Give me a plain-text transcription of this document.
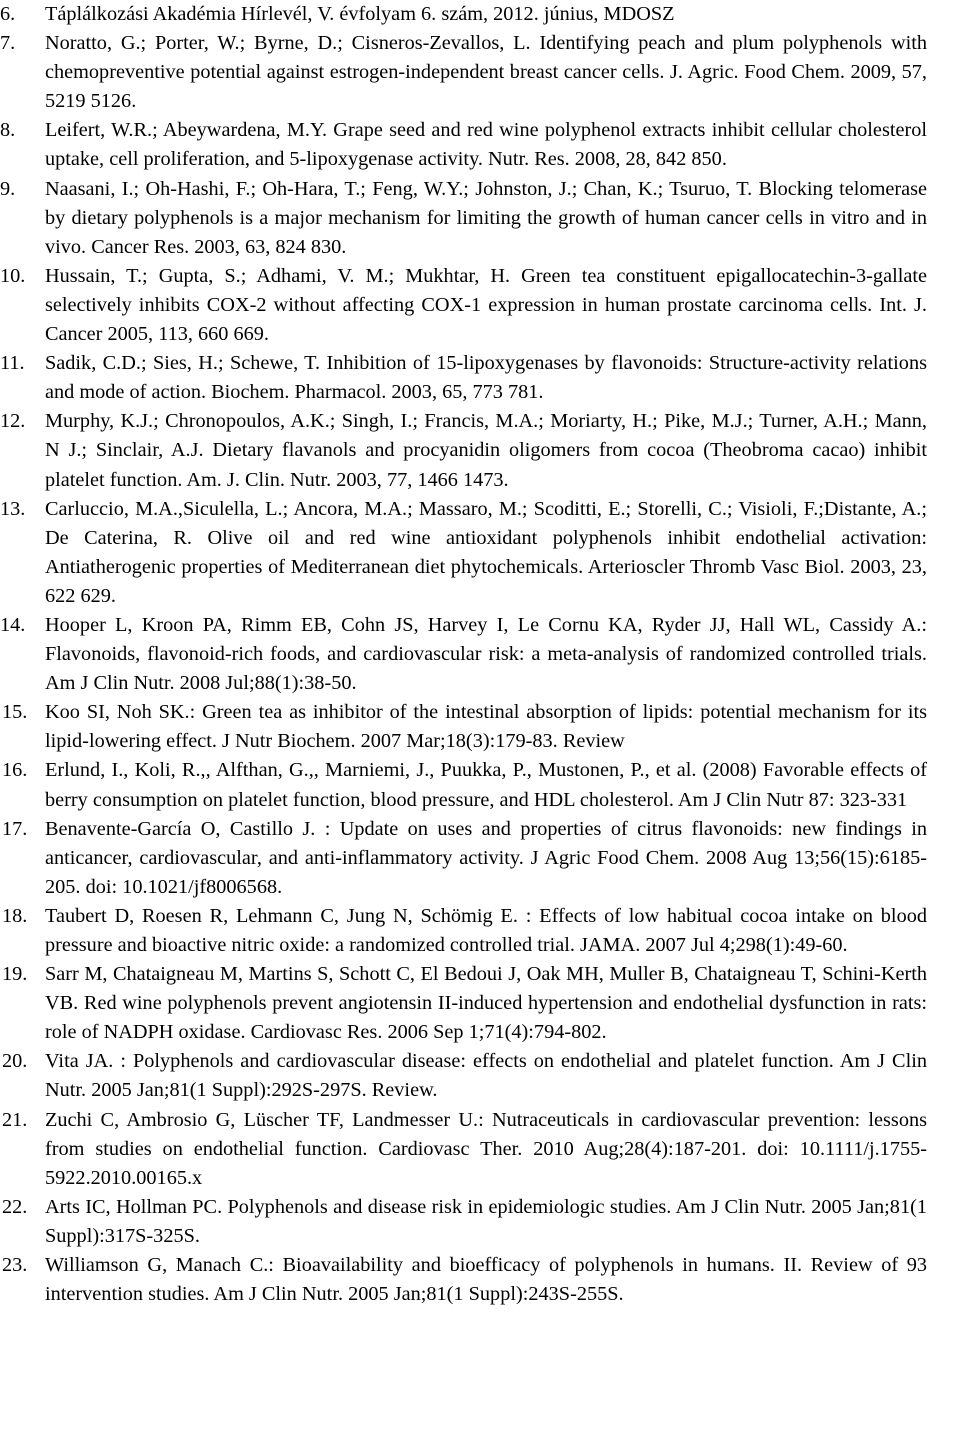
6.	Táplálkozási Akadémia Hírlevél, V. évfolyam 6. szám, 2012. június, MDOSZ
7.	Noratto, G.; Porter, W.; Byrne, D.; Cisneros-Zevallos, L. Identifying peach and plum polyphenols with chemopreventive potential against estrogen-independent breast cancer cells. J. Agric. Food Chem. 2009, 57, 5219 5126.
8.	Leifert, W.R.; Abeywardena, M.Y. Grape seed and red wine polyphenol extracts inhibit cellular cholesterol uptake, cell proliferation, and 5-lipoxygenase activity. Nutr. Res. 2008, 28, 842 850.
9.	Naasani, I.; Oh-Hashi, F.; Oh-Hara, T.; Feng, W.Y.; Johnston, J.; Chan, K.; Tsuruo, T. Blocking telomerase by dietary polyphenols is a major mechanism for limiting the growth of human cancer cells in vitro and in vivo. Cancer Res. 2003, 63, 824 830.
10. Hussain, T.; Gupta, S.; Adhami, V. M.; Mukhtar, H. Green tea constituent epigallocatechin-3-gallate selectively inhibits COX-2 without affecting COX-1 expression in human prostate carcinoma cells. Int. J. Cancer 2005, 113, 660 669.
11.	Sadik, C.D.; Sies, H.; Schewe, T. Inhibition of 15-lipoxygenases by flavonoids: Structure-activity relations and mode of action. Biochem. Pharmacol. 2003, 65, 773 781.
12. Murphy, K.J.; Chronopoulos, A.K.; Singh, I.; Francis, M.A.; Moriarty, H.; Pike, M.J.; Turner, A.H.; Mann, N J.; Sinclair, A.J. Dietary flavanols and procyanidin oligomers from cocoa (Theobroma cacao) inhibit platelet function. Am. J. Clin. Nutr. 2003, 77, 1466 1473.
13. Carluccio, M.A.,Siculella, L.; Ancora, M.A.; Massaro, M.; Scoditti, E.; Storelli, C.; Visioli, F.;Distante, A.; De Caterina, R. Olive oil and red wine antioxidant polyphenols inhibit endothelial activation: Antiatherogenic properties of Mediterranean diet phytochemicals. Arterioscler Thromb Vasc Biol. 2003, 23, 622 629.
14. Hooper L, Kroon PA, Rimm EB, Cohn JS, Harvey I, Le Cornu KA, Ryder JJ, Hall WL, Cassidy A.: Flavonoids, flavonoid-rich foods, and cardiovascular risk: a meta-analysis of randomized controlled trials. Am J Clin Nutr. 2008 Jul;88(1):38-50.
15. Koo SI, Noh SK.: Green tea as inhibitor of the intestinal absorption of lipids: potential mechanism for its lipid-lowering effect. J Nutr Biochem. 2007 Mar;18(3):179-83. Review
16. Erlund, I., Koli, R.,, Alfthan, G.,, Marniemi, J., Puukka, P., Mustonen, P., et al. (2008) Favorable effects of berry consumption on platelet function, blood pressure, and HDL cholesterol. Am J Clin Nutr 87: 323-331
17. Benavente-García O, Castillo J. : Update on uses and properties of citrus flavonoids: new findings in anticancer, cardiovascular, and anti-inflammatory activity. J Agric Food Chem. 2008 Aug 13;56(15):6185-205. doi: 10.1021/jf8006568.
18. Taubert D, Roesen R, Lehmann C, Jung N, Schömig E. : Effects of low habitual cocoa intake on blood pressure and bioactive nitric oxide: a randomized controlled trial. JAMA. 2007 Jul 4;298(1):49-60.
19. Sarr M, Chataigneau M, Martins S, Schott C, El Bedoui J, Oak MH, Muller B, Chataigneau T, Schini-Kerth VB. Red wine polyphenols prevent angiotensin II-induced hypertension and endothelial dysfunction in rats: role of NADPH oxidase. Cardiovasc Res. 2006 Sep 1;71(4):794-802.
20. Vita JA. : Polyphenols and cardiovascular disease: effects on endothelial and platelet function. Am J Clin Nutr. 2005 Jan;81(1 Suppl):292S-297S. Review.
21. Zuchi C, Ambrosio G, Lüscher TF, Landmesser U.: Nutraceuticals in cardiovascular prevention: lessons from studies on endothelial function. Cardiovasc Ther. 2010 Aug;28(4):187-201. doi: 10.1111/j.1755-5922.2010.00165.x
22. Arts IC, Hollman PC. Polyphenols and disease risk in epidemiologic studies. Am J Clin Nutr. 2005 Jan;81(1 Suppl):317S-325S.
23. Williamson G, Manach C.: Bioavailability and bioefficacy of polyphenols in humans. II. Review of 93 intervention studies. Am J Clin Nutr. 2005 Jan;81(1 Suppl):243S-255S.
